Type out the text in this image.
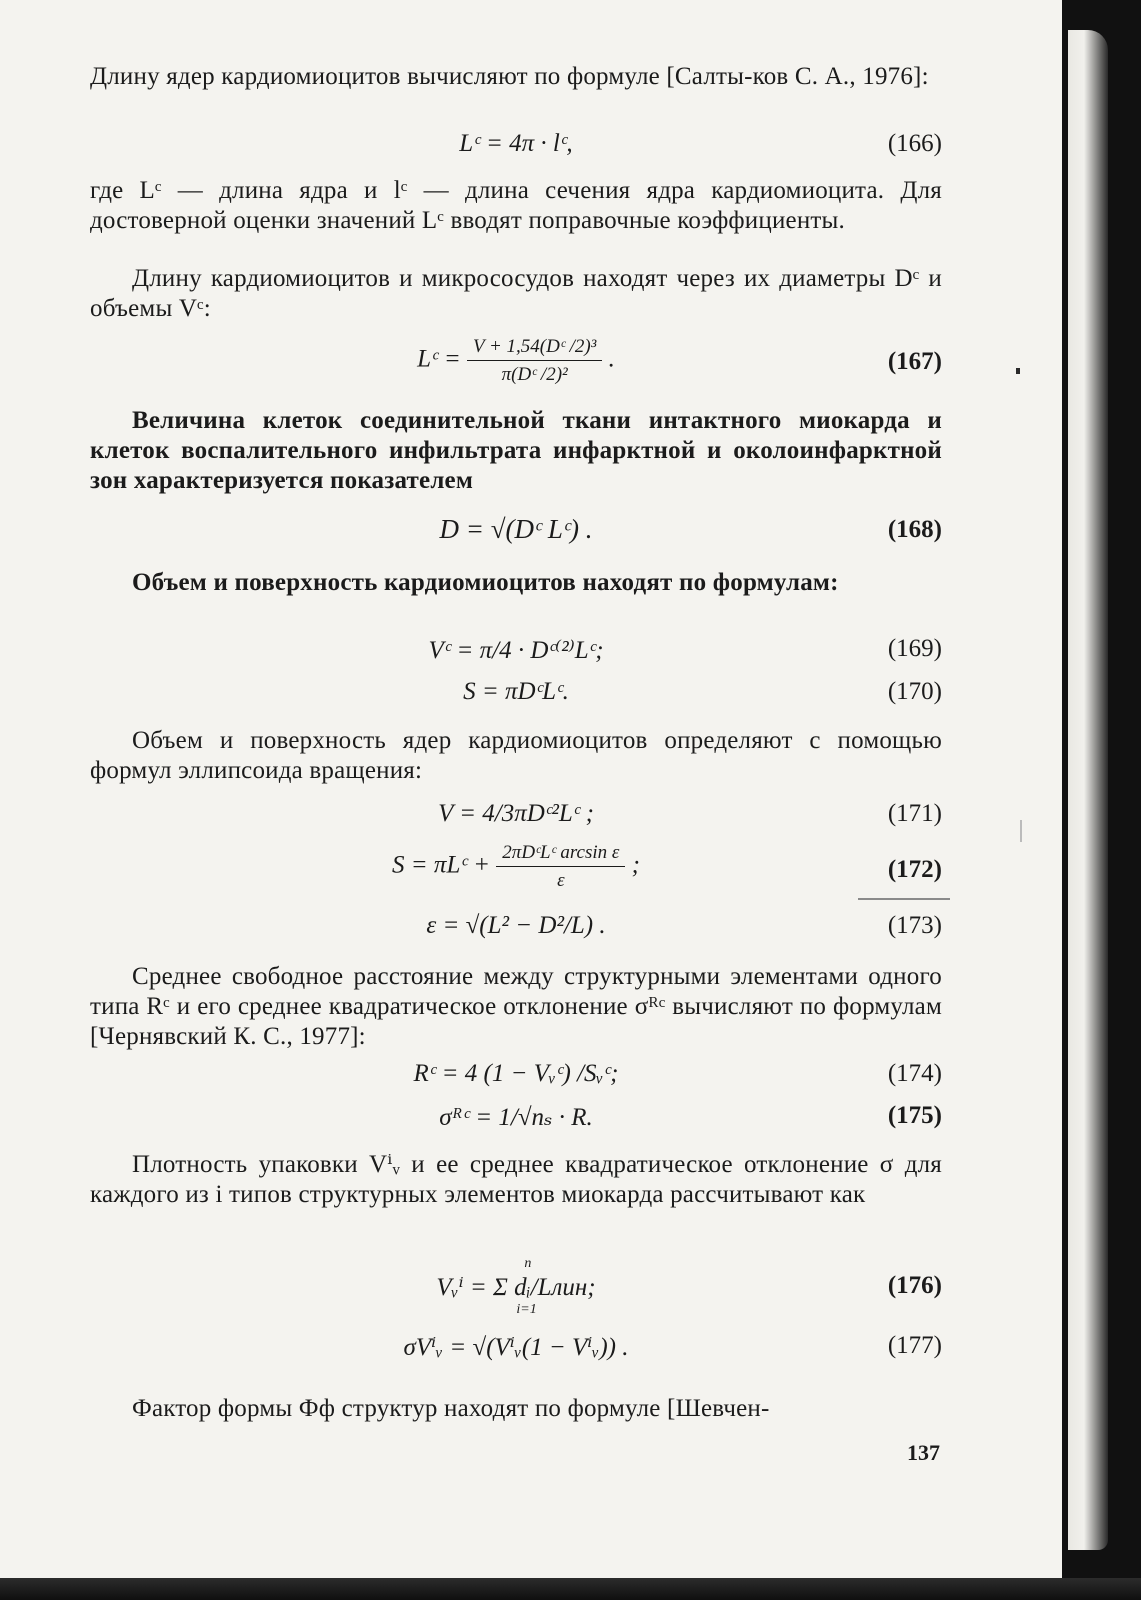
Длину ядер кардиомиоцитов вычисляют по формуле [Салты-ков С. А., 1976]:
Lᶜ = 4π · lᶜ,	(166)
где Lᶜ — длина ядра и lᶜ — длина сечения ядра кардиомиоцита. Для достоверной оценки значений Lᶜ вводят поправочные коэффициенты.
Длину кардиомиоцитов и микрососудов находят через их диаметры Dᶜ и объемы Vᶜ:
Lᶜ = $\frac{\text{V + 1,54(Dᶜ /2)³}}{\text{π(Dᶜ /2)²}}$ .	(167)
Величина клеток соединительной ткани интактного миокарда и клеток воспалительного инфильтрата инфарктной и околоинфарктной зон характеризуется показателем
D = √(Dᶜ Lᶜ) .	(168)
Объем и поверхность кардиомиоцитов находят по формулам:
Vᶜ = π/4 · Dᶜ⁽²⁾Lᶜ;	(169)
S = πDᶜLᶜ.	(170)
Объем и поверхность ядер кардиомиоцитов определяют с помощью формул эллипсоида вращения:
V = 4/3πDᶜ²Lᶜ ;	(171)
S = πLᶜ + $\frac{\text{2πDᶜLᶜ arcsin ε}}{\varepsilon}$ ;	(172)
ε = √(L² − D²/L) .	(173)
Среднее свободное расстояние между структурными элементами одного типа Rᶜ и его среднее квадратическое отклонение σᴿᶜ вычисляют по формулам [Чернявский К. С., 1977]:
Rᶜ = 4 (1 − Vᵥᶜ) /Sᵥᶜ;	(174)
σᴿᶜ = 1/√nₛ · R.	(175)
Плотность упаковки Vⁱᵥ и ее среднее квадратическое отклонение σ для каждого из i типов структурных элементов миокарда рассчитывают как
Vᵥⁱ = Σ dᵢ/Lлин;
n
i=1
(176)
σVⁱᵥ = √(Vⁱᵥ(1 − Vⁱᵥ)) .	(177)
Фактор формы Фф структур находят по формуле [Шевчен-
137
